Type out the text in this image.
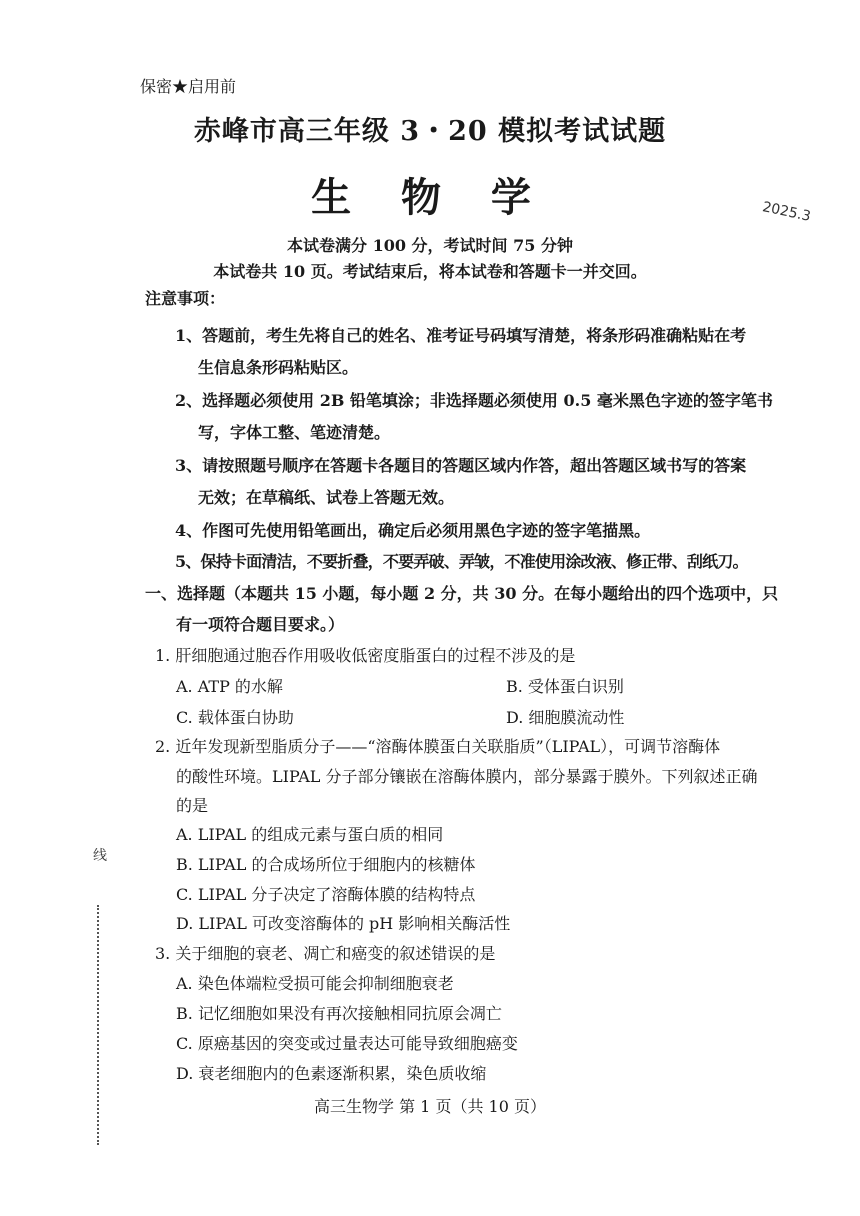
保密★启用前
赤峰市高三年级 3・20 模拟考试试题
生 物 学	2025.3
本试卷满分 100 分，考试时间 75 分钟
本试卷共 10 页。考试结束后，将本试卷和答题卡一并交回。
注意事项：
1、答题前，考生先将自己的姓名、准考证号码填写清楚，将条形码准确粘贴在考
生信息条形码粘贴区。
2、选择题必须使用 2B 铅笔填涂；非选择题必须使用 0.5 毫米黑色字迹的签字笔书
写，字体工整、笔迹清楚。
3、请按照题号顺序在答题卡各题目的答题区域内作答，超出答题区域书写的答案
无效；在草稿纸、试卷上答题无效。
4、作图可先使用铅笔画出，确定后必须用黑色字迹的签字笔描黑。
5、保持卡面清洁，不要折叠，不要弄破、弄皱，不准使用涂改液、修正带、刮纸刀。
一、选择题（本题共 15 小题，每小题 2 分，共 30 分。在每小题给出的四个选项中，只
有一项符合题目要求。）
1. 肝细胞通过胞吞作用吸收低密度脂蛋白的过程不涉及的是
A. ATP 的水解	B. 受体蛋白识别
C. 载体蛋白协助	D. 细胞膜流动性
2. 近年发现新型脂质分子——“溶酶体膜蛋白关联脂质”（LIPAL），可调节溶酶体
的酸性环境。LIPAL 分子部分镶嵌在溶酶体膜内，部分暴露于膜外。下列叙述正确
的是
A. LIPAL 的组成元素与蛋白质的相同
B. LIPAL 的合成场所位于细胞内的核糖体
C. LIPAL 分子决定了溶酶体膜的结构特点
D. LIPAL 可改变溶酶体的 pH 影响相关酶活性
3. 关于细胞的衰老、凋亡和癌变的叙述错误的是
A. 染色体端粒受损可能会抑制细胞衰老
B. 记忆细胞如果没有再次接触相同抗原会凋亡
C. 原癌基因的突变或过量表达可能导致细胞癌变
D. 衰老细胞内的色素逐渐积累，染色质收缩
线
高三生物学 第 1 页（共 10 页）
